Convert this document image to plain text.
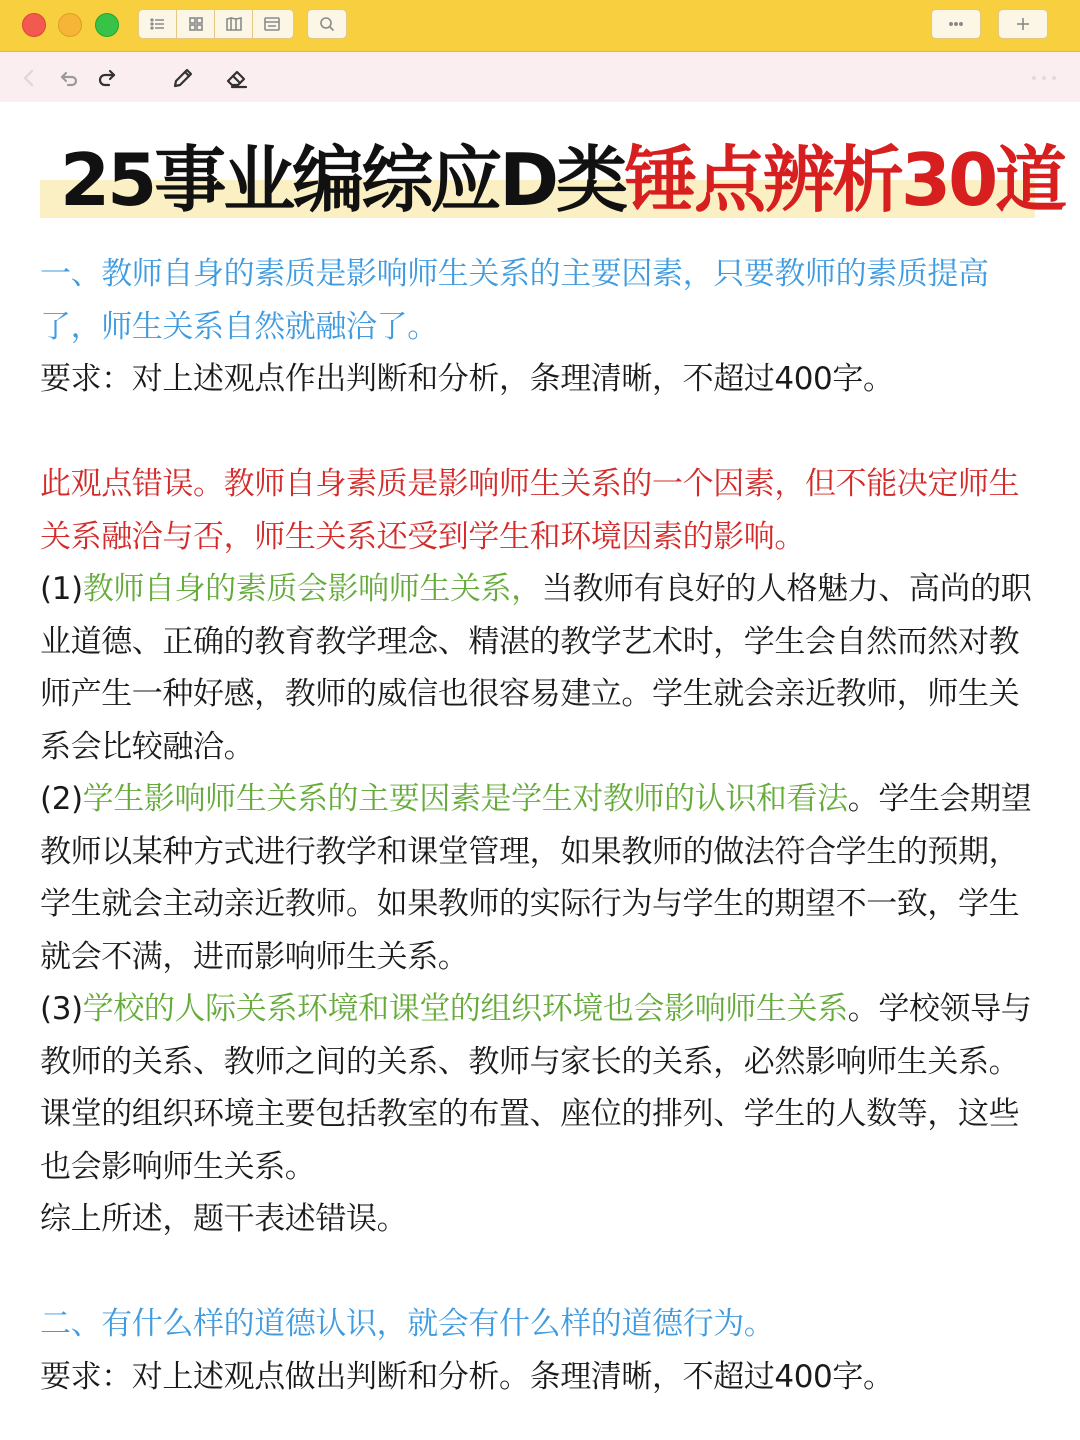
25事业编综应D类锤点辨析30道

一、教师自身的素质是影响师生关系的主要因素，只要教师的素质提高了，师生关系自然就融洽了。

要求：对上述观点作出判断和分析，条理清晰，不超过400字。

此观点错误。教师自身素质是影响师生关系的一个因素，但不能决定师生关系融洽与否，师生关系还受到学生和环境因素的影响。

(1)教师自身的素质会影响师生关系，当教师有良好的人格魅力、高尚的职业道德、正确的教育教学理念、精湛的教学艺术时，学生会自然而然对教师产生一种好感，教师的威信也很容易建立。学生就会亲近教师，师生关系会比较融洽。

(2)学生影响师生关系的主要因素是学生对教师的认识和看法。学生会期望教师以某种方式进行教学和课堂管理，如果教师的做法符合学生的预期，学生就会主动亲近教师。如果教师的实际行为与学生的期望不一致，学生就会不满，进而影响师生关系。

(3)学校的人际关系环境和课堂的组织环境也会影响师生关系。学校领导与教师的关系、教师之间的关系、教师与家长的关系，必然影响师生关系。课堂的组织环境主要包括教室的布置、座位的排列、学生的人数等，这些也会影响师生关系。

综上所述，题干表述错误。

二、有什么样的道德认识，就会有什么样的道德行为。

要求：对上述观点做出判断和分析。条理清晰，不超过400字。
